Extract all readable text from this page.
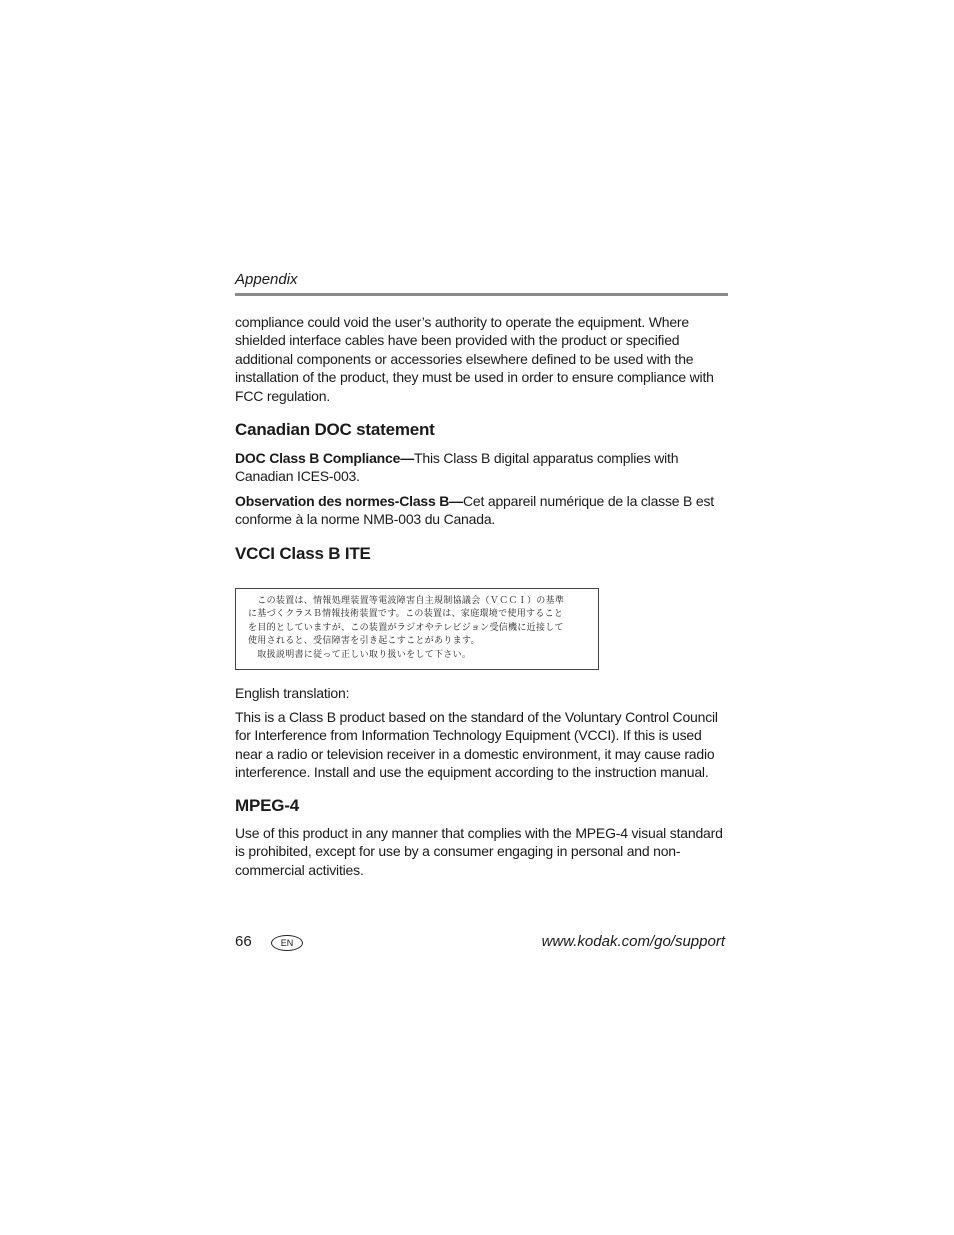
Appendix

compliance could void the user’s authority to operate the equipment. Where shielded interface cables have been provided with the product or specified additional components or accessories elsewhere defined to be used with the installation of the product, they must be used in order to ensure compliance with FCC regulation.

Canadian DOC statement

DOC Class B Compliance—This Class B digital apparatus complies with Canadian ICES-003.

Observation des normes-Class B—Cet appareil numérique de la classe B est conforme à la norme NMB-003 du Canada.

VCCI Class B ITE
　この装置は、情報処理装置等電波障害自主規制協議会（ＶＣＣＩ）の基準
に基づくクラスＢ情報技術装置です。この装置は、家庭環境で使用すること
を目的としていますが、この装置がラジオやテレビジョン受信機に近接して
使用されると、受信障害を引き起こすことがあります。
　取扱説明書に従って正しい取り扱いをして下さい。

English translation:

This is a Class B product based on the standard of the Voluntary Control Council for Interference from Information Technology Equipment (VCCI). If this is used near a radio or television receiver in a domestic environment, it may cause radio interference. Install and use the equipment according to the instruction manual.

MPEG-4

Use of this product in any manner that complies with the MPEG-4 visual standard is prohibited, except for use by a consumer engaging in personal and non-commercial activities.

66	EN	www.kodak.com/go/support
